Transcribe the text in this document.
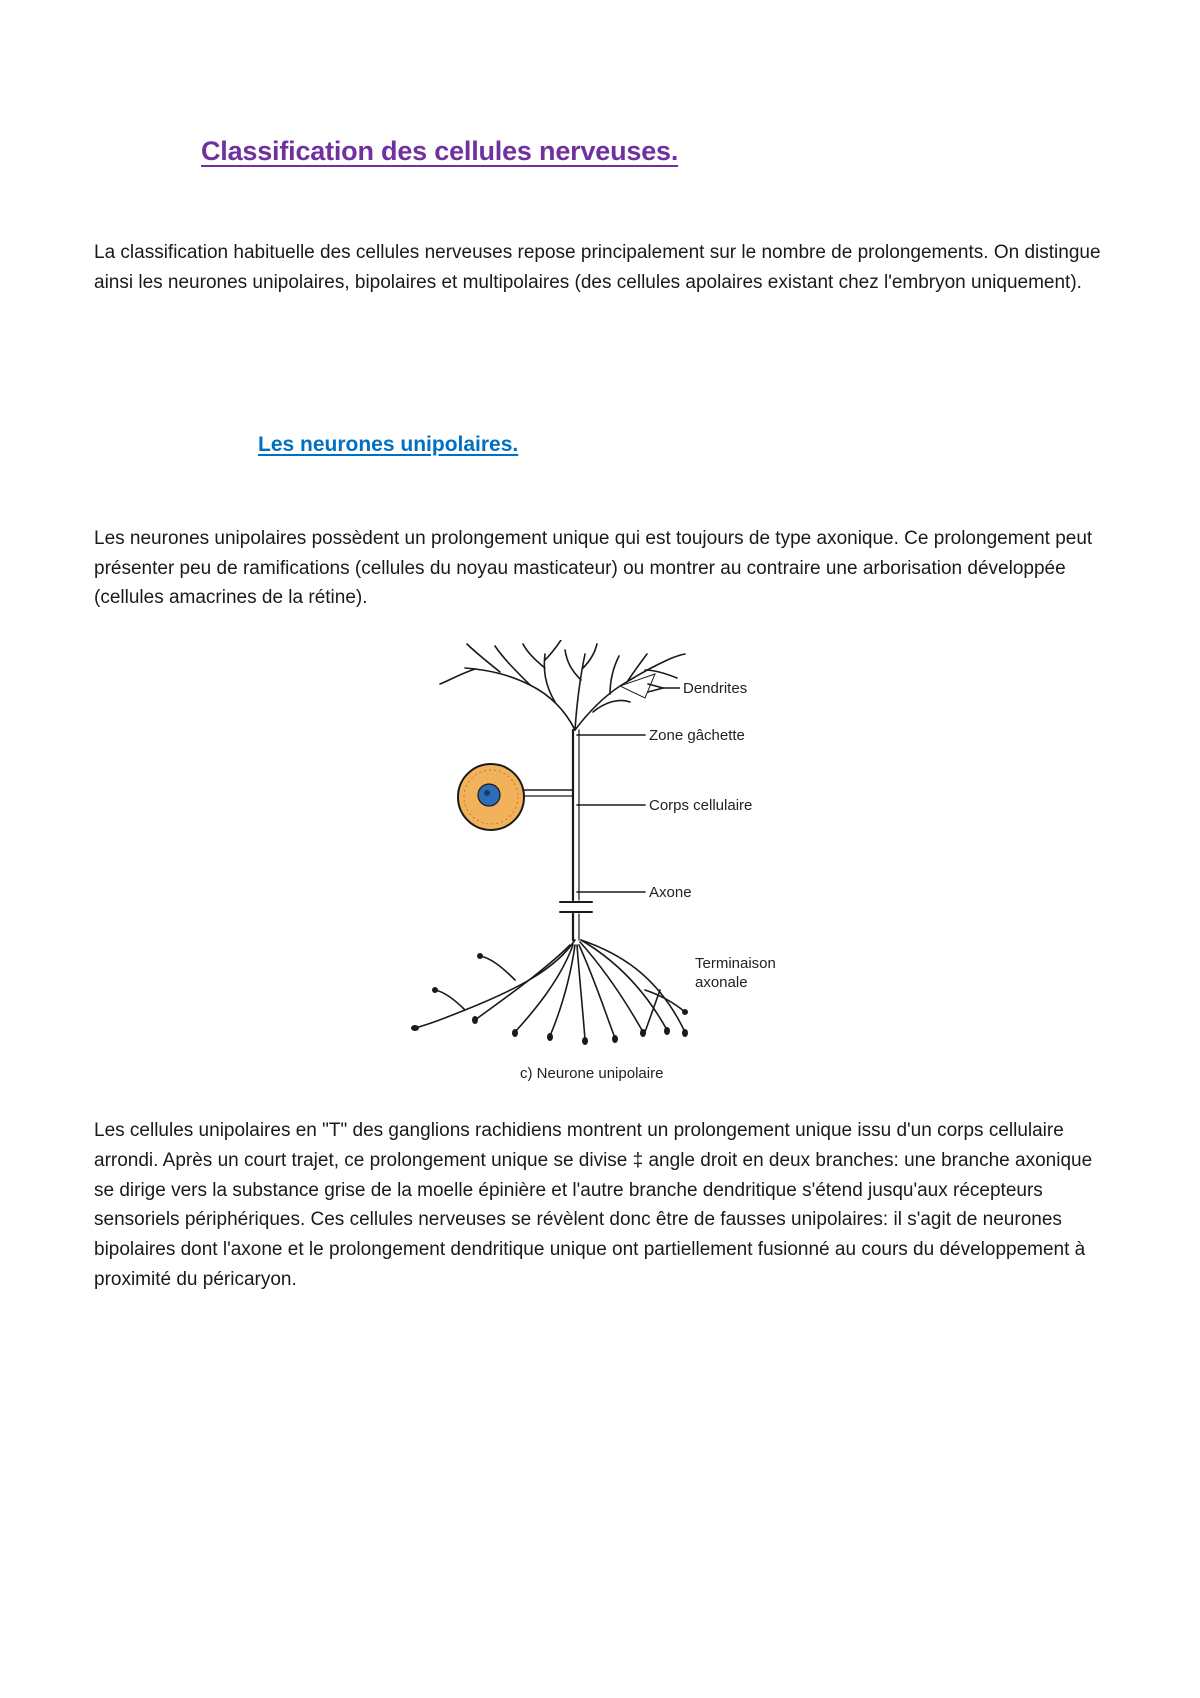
Classification des cellules nerveuses.

La classification habituelle des cellules nerveuses repose principalement sur le nombre de prolongements. On distingue ainsi les neurones unipolaires, bipolaires et multipolaires (des cellules apolaires existant chez l'embryon uniquement).

Les neurones unipolaires.

Les neurones unipolaires possèdent un prolongement unique qui est toujours de type axonique. Ce prolongement peut présenter peu de ramifications (cellules du noyau masticateur) ou montrer au contraire une arborisation développée (cellules amacrines de la rétine).

Dendrites
Zone gâchette
Corps cellulaire
Axone
Terminaison
axonale
c) Neurone unipolaire

Les cellules unipolaires en "T" des ganglions rachidiens montrent un prolongement unique issu d'un corps cellulaire arrondi. Après un court trajet, ce prolongement unique se divise ‡ angle droit en deux branches: une branche axonique se dirige vers la substance grise de la moelle épinière et l'autre branche dendritique s'étend jusqu'aux récepteurs sensoriels périphériques. Ces cellules nerveuses se révèlent donc être de fausses unipolaires: il s'agit de neurones bipolaires dont l'axone et le prolongement dendritique unique ont partiellement fusionné au cours du développement à proximité du péricaryon.
